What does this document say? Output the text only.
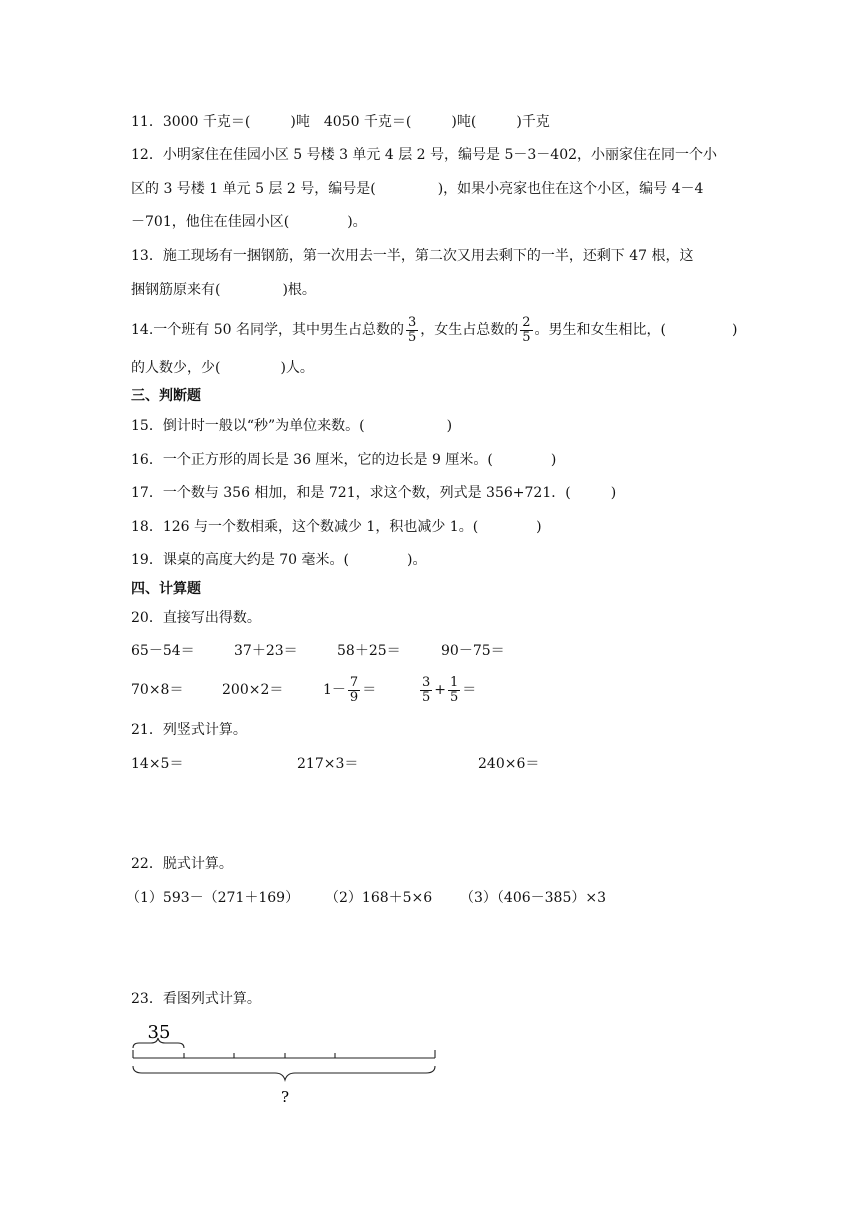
11．3000 千克＝(	)吨 4050 千克＝(	)吨(	)千克
12．小明家住在佳园小区 5 号楼 3 单元 4 层 2 号，编号是 5－3－402，小丽家住在同一个小
区的 3 号楼 1 单元 5 层 2 号，编号是(	)，如果小亮家也住在这个小区，编号 4－4
－701，他住在佳园小区(	)。
13．施工现场有一捆钢筋，第一次用去一半，第二次又用去剩下的一半，还剩下 47 根，这
捆钢筋原来有(	)根。
14.一个班有 50 名同学，其中男生占总数的 $\frac{3}{5}$ ，女生占总数的 $\frac{2}{5}$ 。男生和女生相比，(	)
的人数少，少(	)人。
三、判断题
15．倒计时一般以“秒”为单位来数。(	)
16．一个正方形的周长是 36 厘米，它的边长是 9 厘米。(	)
17．一个数与 356 相加，和是 721，求这个数，列式是 356+721．(	)
18．126 与一个数相乘，这个数减少 1，积也减少 1。(	)
19．课桌的高度大约是 70 毫米。(	)。
四、计算题
20．直接写出得数。
65－54＝	37＋23＝	58＋25＝	90－75＝
70×8＝	200×2＝	$1- \frac{7}{9}$ ＝	$\frac{3}{5} + \frac{1}{5}$ ＝
21．列竖式计算。
14×5＝	217×3＝	240×6＝
22．脱式计算。
（1）593－（271＋169） （2）168＋5×6 （3）（406－385）×3
23．看图列式计算。
35
?
